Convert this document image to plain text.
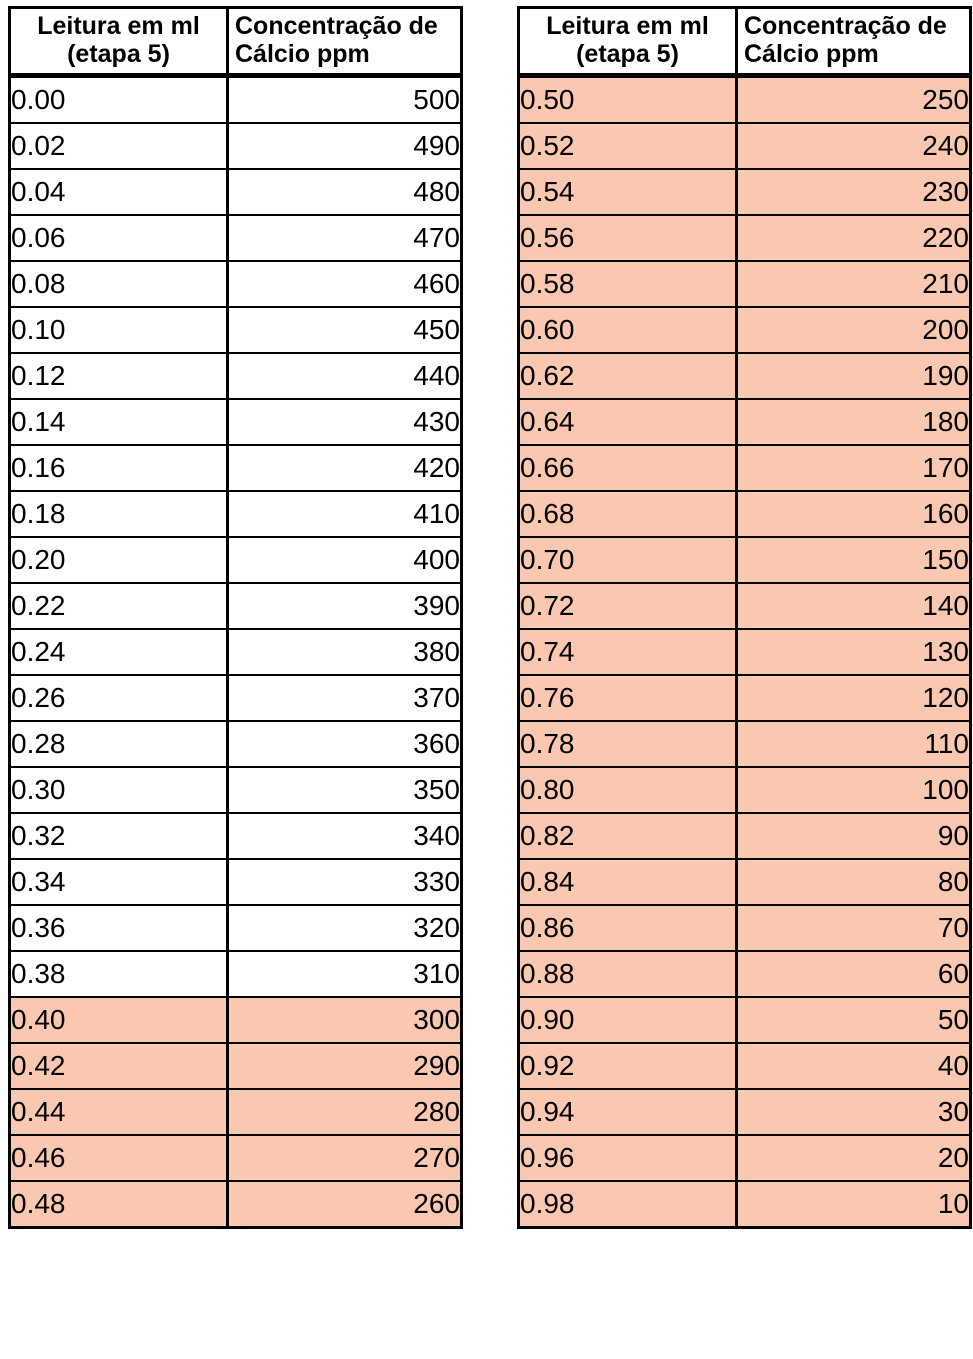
Leitura em ml (etapa 5)	Concentração de Cálcio ppm
0.00	500
0.02	490
0.04	480
0.06	470
0.08	460
0.10	450
0.12	440
0.14	430
0.16	420
0.18	410
0.20	400
0.22	390
0.24	380
0.26	370
0.28	360
0.30	350
0.32	340
0.34	330
0.36	320
0.38	310
0.40	300
0.42	290
0.44	280
0.46	270
0.48	260
Leitura em ml (etapa 5)	Concentração de Cálcio ppm
0.50	250
0.52	240
0.54	230
0.56	220
0.58	210
0.60	200
0.62	190
0.64	180
0.66	170
0.68	160
0.70	150
0.72	140
0.74	130
0.76	120
0.78	110
0.80	100
0.82	90
0.84	80
0.86	70
0.88	60
0.90	50
0.92	40
0.94	30
0.96	20
0.98	10
